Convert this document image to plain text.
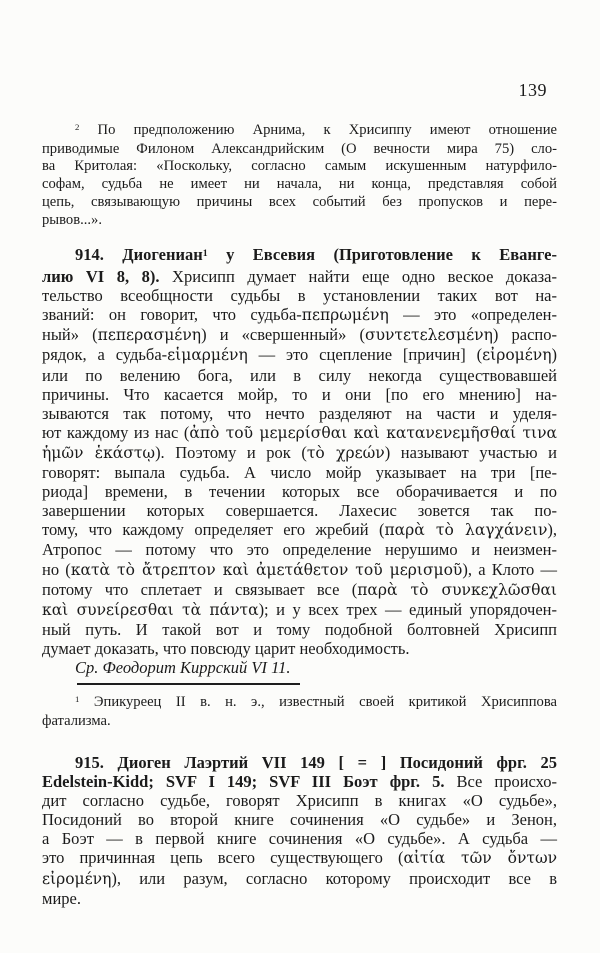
139
$^2$ По предположению Арнима, к Хрисиппу имеют отношение
приводимые Филоном Александрийским (О вечности мира 75) сло-
ва Критолая: «Поскольку, согласно самым искушенным натурфило-
софам, судьба не имеет ни начала, ни конца, представляя собой
цепь, связывающую причины всех событий без пропусков и пере-
рывов...».
914. Диогениан$^1$ у Евсевия (Приготовление к Еванге-
лию VI 8, 8). Хрисипп думает найти еще одно веское доказа-
тельство всеобщности судьбы в установлении таких вот на-
званий: он говорит, что судьба-πεπρωμένη — это «определен-
ный» (πεπερασμένη) и «свершенный» (συντετελεσμένη) распо-
рядок, а судьба-εἱμαρμένη — это сцепление [причин] (εἰρομένη)
или по велению бога, или в силу некогда существовавшей
причины. Что касается мойр, то и они [по его мнению] на-
зываются так потому, что нечто разделяют на части и уделя-
ют каждому из нас (ἀπὸ τοῦ μεμερίσθαι καὶ κατανενεμῆσθαί τινα
ἡμῶν ἑκάστῳ). Поэтому и рок (τὸ χρεών) называют участью и
говорят: выпала судьба. А число мойр указывает на три [пе-
риода] времени, в течении которых все оборачивается и по
завершении которых совершается. Лахесис зовется так по-
тому, что каждому определяет его жребий (παρὰ τὸ λαγχάνειν),
Атропос — потому что это определение нерушимо и неизмен-
но (κατὰ τὸ ἄτρεπτον καὶ ἀμετάθετον τοῦ μερισμοῦ), а Клото —
потому что сплетает и связывает все (παρὰ τὸ συνκεχλῶσθαι
καὶ συνείρεσθαι τὰ πάντα); и у всех трех — единый упорядочен-
ный путь. И такой вот и тому подобной болтовней Хрисипп
думает доказать, что повсюду царит необходимость.
Ср. Феодорит Киррский VI 11.
$^1$ Эпикуреец II в. н. э., известный своей критикой Хрисиппова
фатализма.
915. Диоген Лаэртий VII 149 [ = ] Посидоний фрг. 25
Edelstein-Kidd; SVF I 149; SVF III Боэт фрг. 5. Все происхо-
дит согласно судьбе, говорят Хрисипп в книгах «О судьбе»,
Посидоний во второй книге сочинения «О судьбе» и Зенон,
а Боэт — в первой книге сочинения «О судьбе». А судьба —
это причинная цепь всего существующего (αἰτία τῶν ὄντων
εἰρομένη), или разум, согласно которому происходит все в
мире.
